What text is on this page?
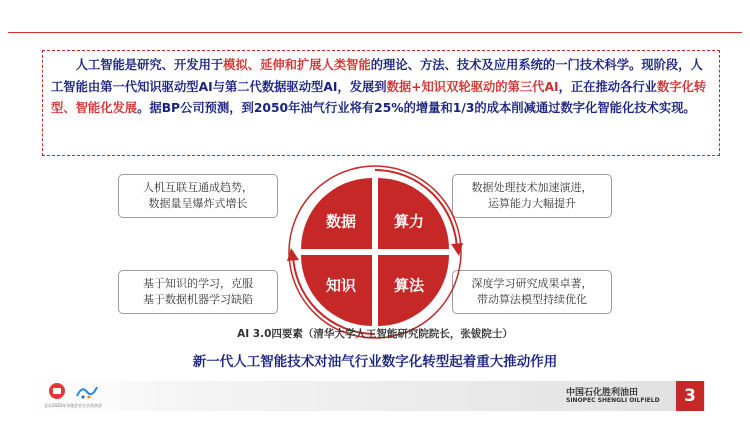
人工智能是研究、开发用于模拟、延伸和扩展人类智能的理论、方法、技术及应用系统的一门技术科学。现阶段，人工智能由第一代知识驱动型AI与第二代数据驱动型AI，发展到数据+知识双轮驱动的第三代AI，正在推动各行业数字化转型、智能化发展。据BP公司预测，到2050年油气行业将有25%的增量和1/3的成本削减通过数字化智能化技术实现。
人机互联互通成趋势，
数据量呈爆炸式增长
数据处理技术加速演进，
运算能力大幅提升
基于知识的学习，克服
基于数据机器学习缺陷
深度学习研究成果卓著，
带动算法模型持续优化
数据	算力
知识	算法
AI 3.0四要素（清华大学人工智能研究院院长，张钹院士）
新一代人工智能技术对油气行业数字化转型起着重大推动作用
北京2022年冬奥会官方合作伙伴
中国石化胜利油田
SINOPEC SHENGLI OILFIELD	3
